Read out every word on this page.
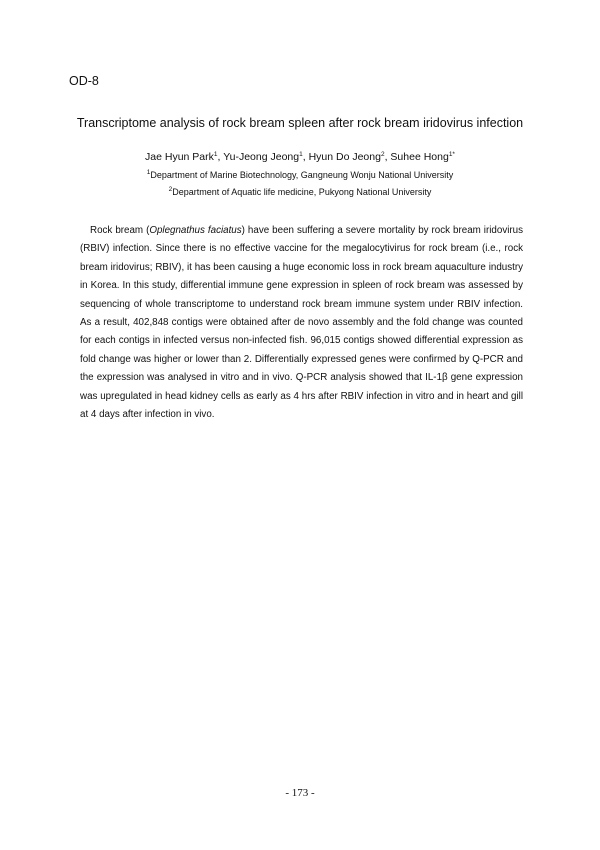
OD-8
Transcriptome analysis of rock bream spleen after rock bream iridovirus infection
Jae Hyun Park$^1$, Yu-Jeong Jeong$^1$, Hyun Do Jeong$^2$, Suhee Hong$^{1*}$
$^1$Department of Marine Biotechnology, Gangneung Wonju National University
$^2$Department of Aquatic life medicine, Pukyong National University

Rock bream (Oplegnathus faciatus) have been suffering a severe mortality by rock bream iridovirus (RBIV) infection. Since there is no effective vaccine for the megalocytivirus for rock bream (i.e., rock bream iridovirus; RBIV), it has been causing a huge economic loss in rock bream aquaculture industry in Korea. In this study, differential immune gene expression in spleen of rock bream was assessed by sequencing of whole transcriptome to understand rock bream immune system under RBIV infection. As a result, 402,848 contigs were obtained after de novo assembly and the fold change was counted for each contigs in infected versus non-infected fish. 96,015 contigs showed differential expression as fold change was higher or lower than 2. Differentially expressed genes were confirmed by Q-PCR and the expression was analysed in vitro and in vivo. Q-PCR analysis showed that IL-1β gene expression was upregulated in head kidney cells as early as 4 hrs after RBIV infection in vitro and in heart and gill at 4 days after infection in vivo.

- 173 -
